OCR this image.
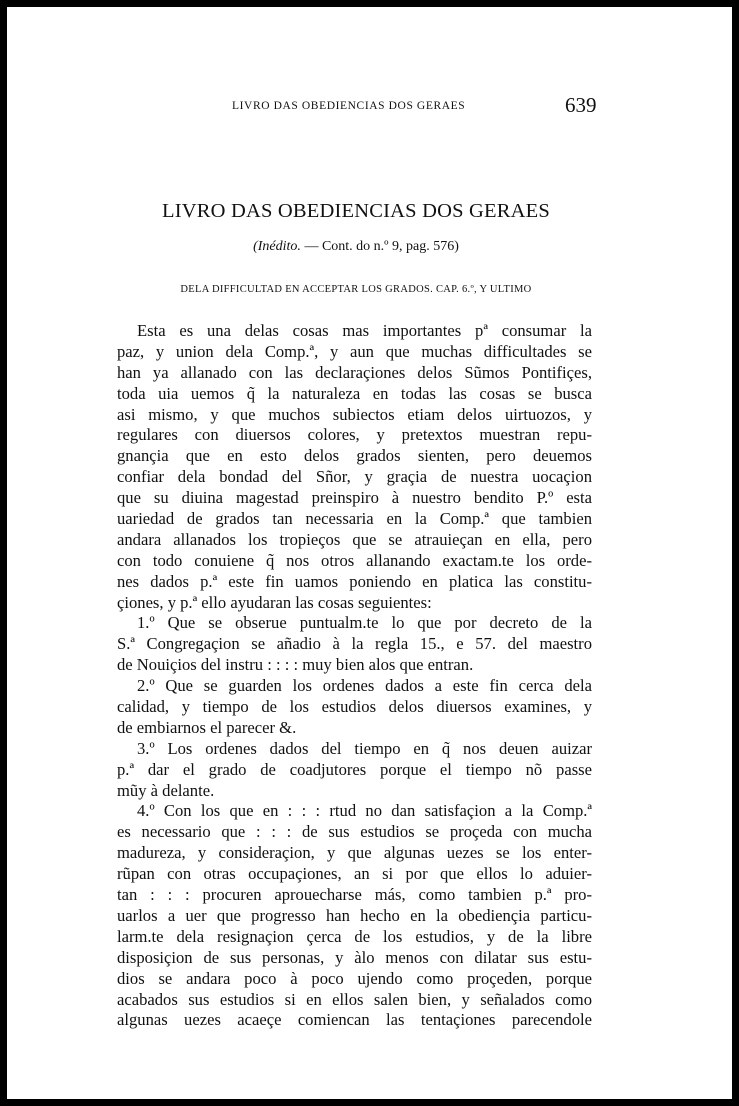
LIVRO DAS OBEDIENCIAS DOS GERAES	639
LIVRO DAS OBEDIENCIAS DOS GERAES
(Inédito. — Cont. do n.º 9, pag. 576)
DELA DIFFICULTAD EN ACCEPTAR LOS GRADOS. CAP. 6.º, Y ULTIMO
Esta es una delas cosas mas importantes pª consumar la
paz, y union dela Comp.ª, y aun que muchas difficultades se
han ya allanado con las declaraçiones delos Sũmos Pontifiçes,
toda uia uemos q̃ la naturaleza en todas las cosas se busca
asi mismo, y que muchos subiectos etiam delos uirtuozos, y
regulares con diuersos colores, y pretextos muestran repu-
gnançia que en esto delos grados sienten, pero deuemos
confiar dela bondad del Sñor, y graçia de nuestra uocaçion
que su diuina magestad preinspiro à nuestro bendito P.º esta
uariedad de grados tan necessaria en la Comp.ª que tambien
andara allanados los tropieços que se atrauieçan en ella, pero
con todo conuiene q̃ nos otros allanando exactam.te los orde-
nes dados p.ª este fin uamos poniendo en platica las constitu-
çiones, y p.ª ello ayudaran las cosas seguientes:
1.º Que se obserue puntualm.te lo que por decreto de la
S.ª Congregaçion se añadio à la regla 15., e 57. del maestro
de Nouiçios del instru : : : : muy bien alos que entran.
2.º Que se guarden los ordenes dados a este fin cerca dela
calidad, y tiempo de los estudios delos diuersos examines, y
de embiarnos el parecer &.
3.º Los ordenes dados del tiempo en q̃ nos deuen auizar
p.ª dar el grado de coadjutores porque el tiempo nõ passe
mũy à delante.
4.º Con los que en : : : rtud no dan satisfaçion a la Comp.ª
es necessario que : : : de sus estudios se proçeda con mucha
madureza, y consideraçion, y que algunas uezes se los enter-
rũpan con otras occupaçiones, an si por que ellos lo aduier-
tan : : : procuren aprouecharse más, como tambien p.ª pro-
uarlos a uer que progresso han hecho en la obediençia particu-
larm.te dela resignaçion çerca de los estudios, y de la libre
disposiçion de sus personas, y àlo menos con dilatar sus estu-
dios se andara poco à poco ujendo como proçeden, porque
acabados sus estudios si en ellos salen bien, y señalados como
algunas uezes acaeçe comiencan las tentaçiones parecendole
